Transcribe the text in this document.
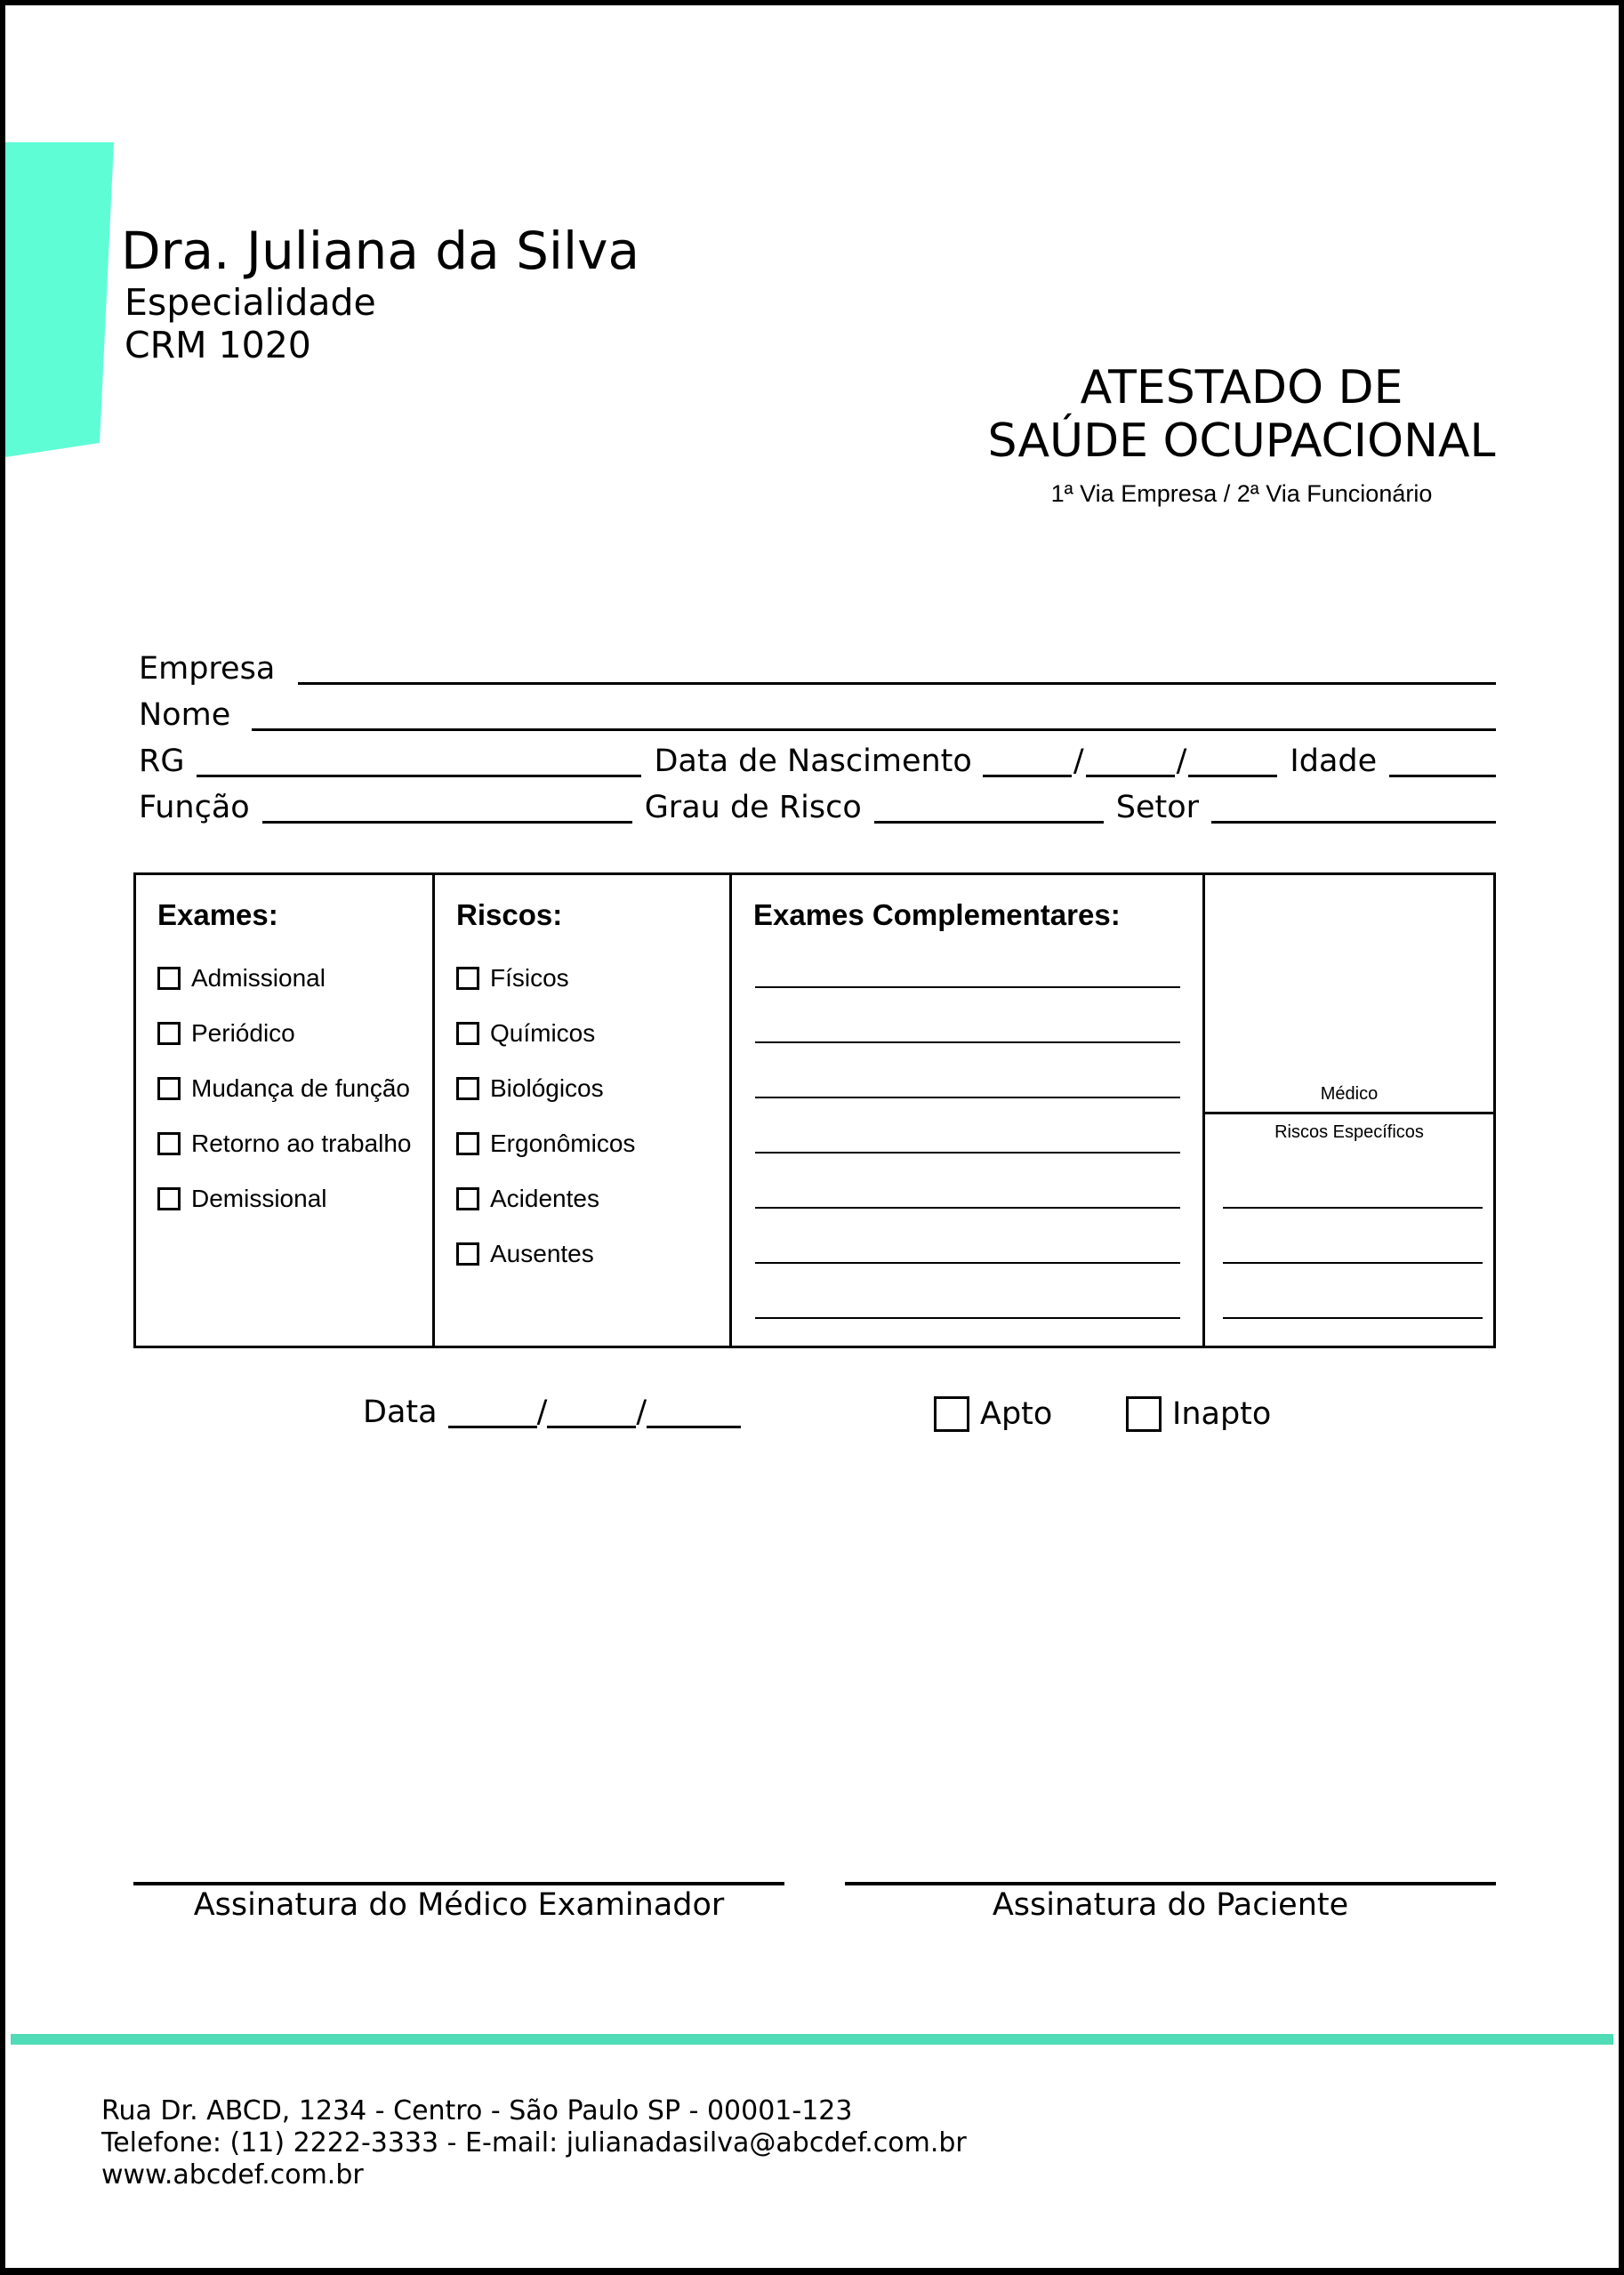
Dra. Juliana da Silva
Especialidade
CRM 1020
ATESTADO DE
SAÚDE OCUPACIONAL
1ª Via Empresa / 2ª Via Funcionário
Empresa
Nome
RG	Data de Nascimento	/	/	Idade
Função	Grau de Risco	Setor
Exames:
Admissional
Periódico
Mudança de função
Retorno ao trabalho
Demissional
Riscos:
Físicos
Químicos
Biológicos
Ergonômicos
Acidentes
Ausentes
Exames Complementares:
Médico
Riscos Específicos
Data	/	/	Apto	Inapto
Assinatura do Médico Examinador	Assinatura do Paciente
Rua Dr. ABCD, 1234 - Centro - São Paulo SP - 00001-123
Telefone: (11) 2222-3333 - E-mail: julianadasilva@abcdef.com.br
www.abcdef.com.br
